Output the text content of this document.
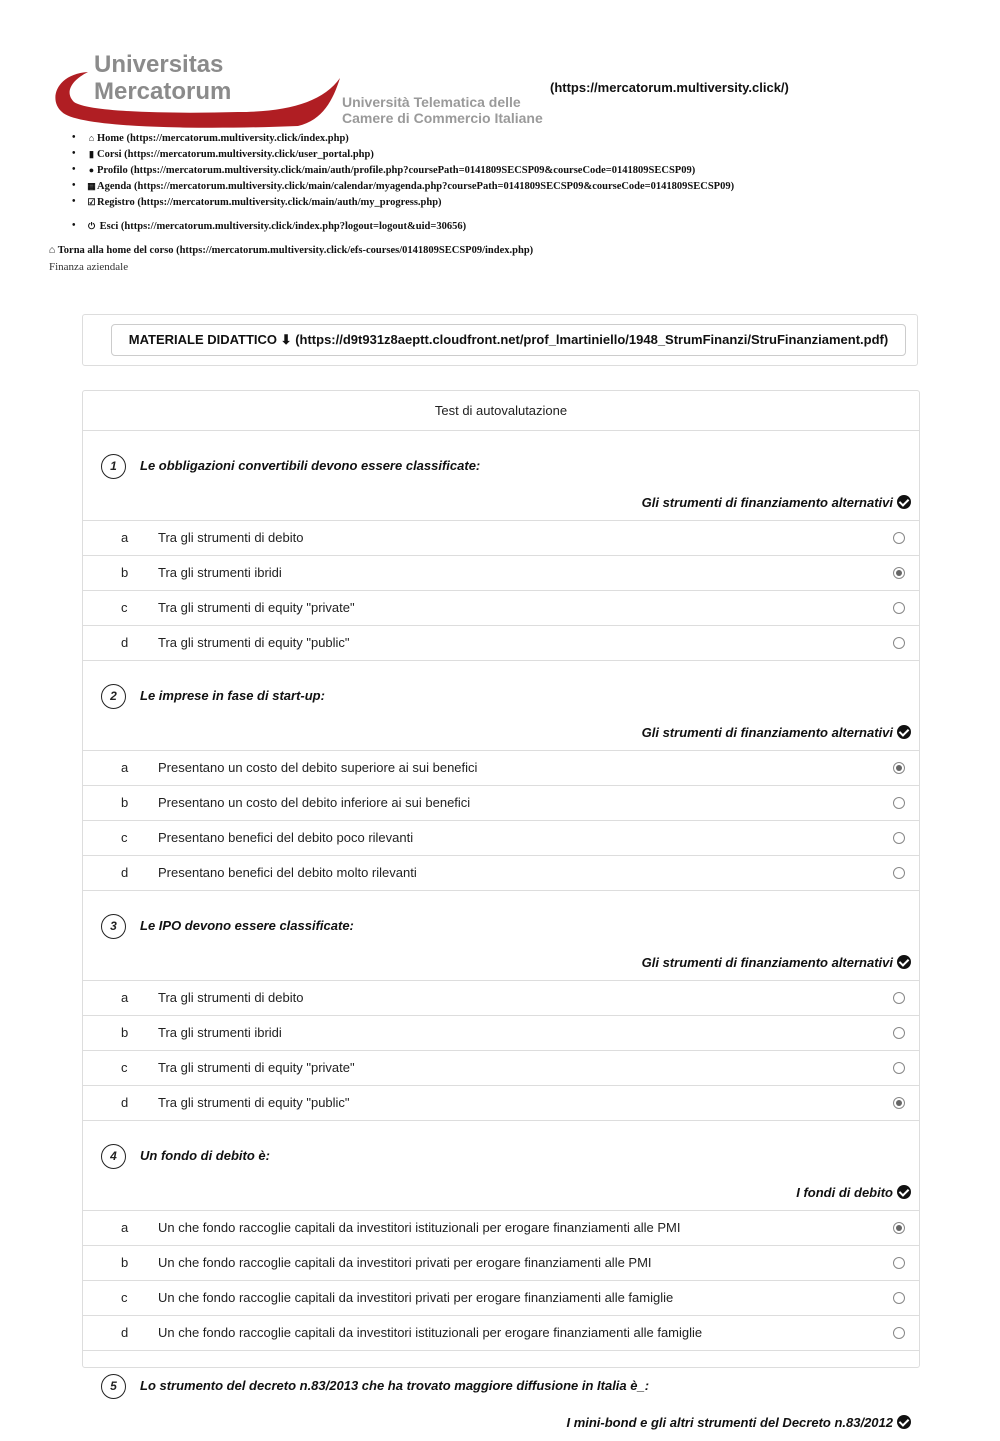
Universitas
Mercatorum	Università Telematica delle
Camere di Commercio Italiane
(https://mercatorum.multiversity.click/)
• ⌂ Home (https://mercatorum.multiversity.click/index.php)
• ▮ Corsi (https://mercatorum.multiversity.click/user_portal.php)
• ● Profilo (https://mercatorum.multiversity.click/main/auth/profile.php?coursePath=0141809SECSP09&courseCode=0141809SECSP09)
• ▦Agenda (https://mercatorum.multiversity.click/main/calendar/myagenda.php?coursePath=0141809SECSP09&courseCode=0141809SECSP09)
• ☑Registro (https://mercatorum.multiversity.click/main/auth/my_progress.php)
• ⏻ Esci (https://mercatorum.multiversity.click/index.php?logout=logout&uid=30656)
⌂ Torna alla home del corso (https://mercatorum.multiversity.click/efs-courses/0141809SECSP09/index.php)
Finanza aziendale
MATERIALE DIDATTICO ⬇ (https://d9t931z8aeptt.cloudfront.net/prof_lmartiniello/1948_StrumFinanzi/StruFinanziament.pdf)
Test di autovalutazione
1	Le obbligazioni convertibili devono essere classificate:
Gli strumenti di finanziamento alternativi
a Tra gli strumenti di debito
b Tra gli strumenti ibridi
c Tra gli strumenti di equity "private"
d Tra gli strumenti di equity "public"
2	Le imprese in fase di start-up:
Gli strumenti di finanziamento alternativi
a Presentano un costo del debito superiore ai sui benefici
b Presentano un costo del debito inferiore ai sui benefici
c Presentano benefici del debito poco rilevanti
d Presentano benefici del debito molto rilevanti
3	Le IPO devono essere classificate:
Gli strumenti di finanziamento alternativi
a Tra gli strumenti di debito
b Tra gli strumenti ibridi
c Tra gli strumenti di equity "private"
d Tra gli strumenti di equity "public"
4	Un fondo di debito è:
I fondi di debito
a Un che fondo raccoglie capitali da investitori istituzionali per erogare finanziamenti alle PMI
b Un che fondo raccoglie capitali da investitori privati per erogare finanziamenti alle PMI
c Un che fondo raccoglie capitali da investitori privati per erogare finanziamenti alle famiglie
d Un che fondo raccoglie capitali da investitori istituzionali per erogare finanziamenti alle famiglie
5	Lo strumento del decreto n.83/2013 che ha trovato maggiore diffusione in Italia è_:
I mini-bond e gli altri strumenti del Decreto n.83/2012
